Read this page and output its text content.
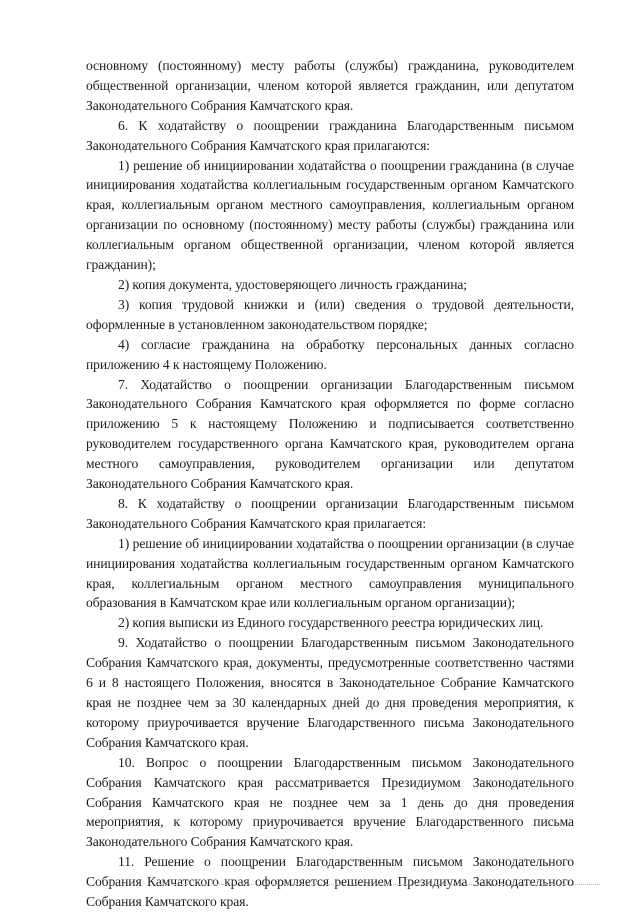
основному (постоянному) месту работы (службы) гражданина, руководителем общественной организации, членом которой является гражданин, или депутатом Законодательного Собрания Камчатского края.

6. К ходатайству о поощрении гражданина Благодарственным письмом Законодательного Собрания Камчатского края прилагаются:

1) решение об инициировании ходатайства о поощрении гражданина (в случае инициирования ходатайства коллегиальным государственным органом Камчатского края, коллегиальным органом местного самоуправления, коллегиальным органом организации по основному (постоянному) месту работы (службы) гражданина или коллегиальным органом общественной организации, членом которой является гражданин);

2) копия документа, удостоверяющего личность гражданина;

3) копия трудовой книжки и (или) сведения о трудовой деятельности, оформленные в установленном законодательством порядке;

4) согласие гражданина на обработку персональных данных согласно приложению 4 к настоящему Положению.

7. Ходатайство о поощрении организации Благодарственным письмом Законодательного Собрания Камчатского края оформляется по форме согласно приложению 5 к настоящему Положению и подписывается соответственно руководителем государственного органа Камчатского края, руководителем органа местного самоуправления, руководителем организации или депутатом Законодательного Собрания Камчатского края.

8. К ходатайству о поощрении организации Благодарственным письмом Законодательного Собрания Камчатского края прилагается:

1) решение об инициировании ходатайства о поощрении организации (в случае инициирования ходатайства коллегиальным государственным органом Камчатского края, коллегиальным органом местного самоуправления муниципального образования в Камчатском крае или коллегиальным органом организации);

2) копия выписки из Единого государственного реестра юридических лиц.

9. Ходатайство о поощрении Благодарственным письмом Законодательного Собрания Камчатского края, документы, предусмотренные соответственно частями 6 и 8 настоящего Положения, вносятся в Законодательное Собрание Камчатского края не позднее чем за 30 календарных дней до дня проведения мероприятия, к которому приурочивается вручение Благодарственного письма Законодательного Собрания Камчатского края.

10. Вопрос о поощрении Благодарственным письмом Законодательного Собрания Камчатского края рассматривается Президиумом Законодательного Собрания Камчатского края не позднее чем за 1 день до дня проведения мероприятия, к которому приурочивается вручение Благодарственного письма Законодательного Собрания Камчатского края.

11. Решение о поощрении Благодарственным письмом Законодательного Собрания Камчатского края оформляется решением Президиума Законодательного Собрания Камчатского края.
